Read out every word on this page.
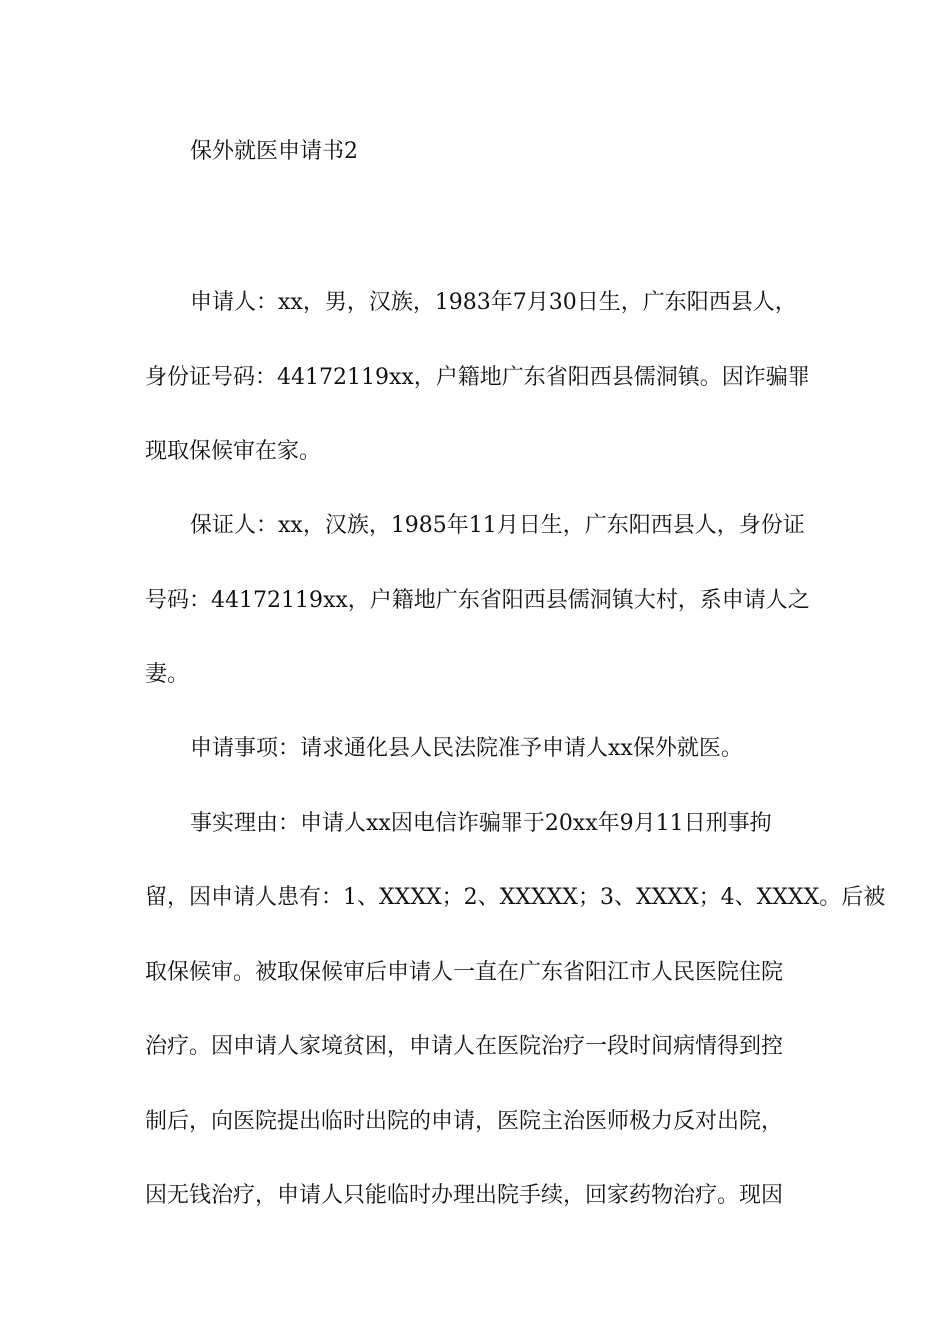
保外就医申请书2
申请人：xx，男，汉族，1983年7月30日生，广东阳西县人，
身份证号码：44172119xx，户籍地广东省阳西县儒洞镇。因诈骗罪
现取保候审在家。
保证人：xx，汉族，1985年11月日生，广东阳西县人，身份证
号码：44172119xx，户籍地广东省阳西县儒洞镇大村，系申请人之
妻。
申请事项：请求通化县人民法院准予申请人xx保外就医。
事实理由：申请人xx因电信诈骗罪于20xx年9月11日刑事拘
留，因申请人患有：1、XXXX；2、XXXXX；3、XXXX；4、XXXX。后被
取保候审。被取保候审后申请人一直在广东省阳江市人民医院住院
治疗。因申请人家境贫困，申请人在医院治疗一段时间病情得到控
制后，向医院提出临时出院的申请，医院主治医师极力反对出院，
因无钱治疗，申请人只能临时办理出院手续，回家药物治疗。现因
